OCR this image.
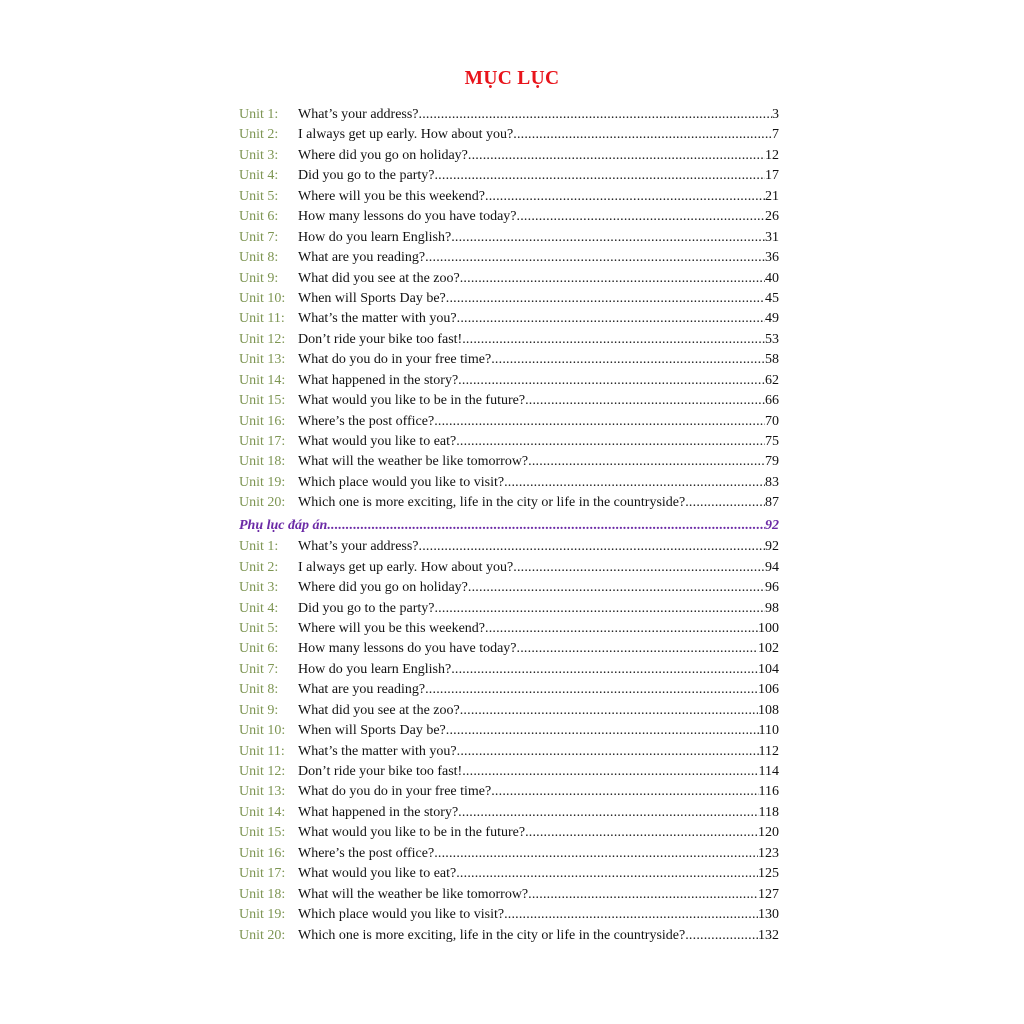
MỤC LỤC
Unit 1:	What’s your address? .....	3
Unit 2:	I always get up early. How about you? .....	7
Unit 3:	Where did you go on holiday? .....	12
Unit 4:	Did you go to the party? .....	17
Unit 5:	Where will you be this weekend? .....	21
Unit 6:	How many lessons do you have today? .....	26
Unit 7:	How do you learn English? .....	31
Unit 8:	What are you reading? .....	36
Unit 9:	What did you see at the zoo? .....	40
Unit 10: When will Sports Day be? .....	45
Unit 11: What’s the matter with you? .....	49
Unit 12: Don’t ride your bike too fast! .....	53
Unit 13: What do you do in your free time? .....	58
Unit 14: What happened in the story? .....	62
Unit 15: What would you like to be in the future? .....	66
Unit 16: Where’s the post office? .....	70
Unit 17: What would you like to eat? .....	75
Unit 18: What will the weather be like tomorrow? .....	79
Unit 19: Which place would you like to visit? .....	83
Unit 20: Which one is more exciting, life in the city or life in the countryside? .....	87
Phụ lục đáp án .....	92
Unit 1:	What’s your address? .....	92
Unit 2:	I always get up early. How about you? .....	94
Unit 3:	Where did you go on holiday? .....	96
Unit 4:	Did you go to the party? .....	98
Unit 5:	Where will you be this weekend? .....	100
Unit 6:	How many lessons do you have today? .....	102
Unit 7:	How do you learn English? .....	104
Unit 8:	What are you reading? .....	106
Unit 9:	What did you see at the zoo? .....	108
Unit 10: When will Sports Day be? .....	110
Unit 11: What’s the matter with you? .....	112
Unit 12: Don’t ride your bike too fast! .....	114
Unit 13: What do you do in your free time? .....	116
Unit 14: What happened in the story? .....	118
Unit 15: What would you like to be in the future? .....	120
Unit 16: Where’s the post office? .....	123
Unit 17: What would you like to eat? .....	125
Unit 18: What will the weather be like tomorrow? .....	127
Unit 19: Which place would you like to visit? .....	130
Unit 20: Which one is more exciting, life in the city or life in the countryside? .....	132
